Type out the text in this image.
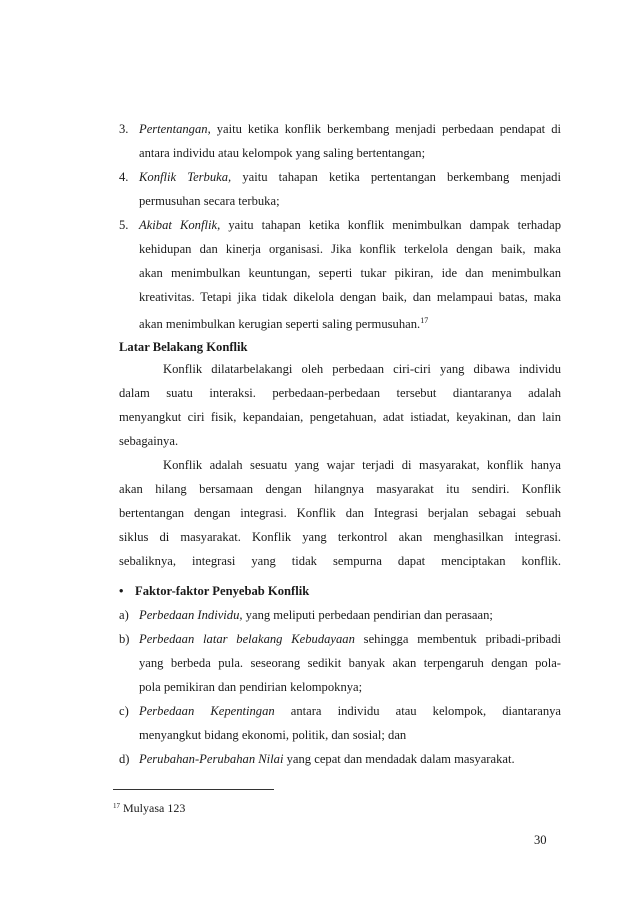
3. Pertentangan, yaitu ketika konflik berkembang menjadi perbedaan pendapat di
antara individu atau kelompok yang saling bertentangan;
4. Konflik Terbuka, yaitu tahapan ketika pertentangan berkembang menjadi
permusuhan secara terbuka;
5. Akibat Konflik, yaitu tahapan ketika konflik menimbulkan dampak terhadap
kehidupan dan kinerja organisasi. Jika konflik terkelola dengan baik, maka
akan menimbulkan keuntungan, seperti tukar pikiran, ide dan menimbulkan
kreativitas. Tetapi jika tidak dikelola dengan baik, dan melampaui batas, maka
akan menimbulkan kerugian seperti saling permusuhan.$^{17}$
Latar Belakang Konflik
Konflik dilatarbelakangi oleh perbedaan ciri-ciri yang dibawa individu
dalam suatu interaksi. perbedaan-perbedaan tersebut diantaranya adalah
menyangkut ciri fisik, kepandaian, pengetahuan, adat istiadat, keyakinan, dan lain
sebagainya.
Konflik adalah sesuatu yang wajar terjadi di masyarakat, konflik hanya
akan hilang bersamaan dengan hilangnya masyarakat itu sendiri. Konflik
bertentangan dengan integrasi. Konflik dan Integrasi berjalan sebagai sebuah
siklus di masyarakat. Konflik yang terkontrol akan menghasilkan integrasi.
sebaliknya, integrasi yang tidak sempurna dapat menciptakan konflik.
• Faktor-faktor Penyebab Konflik
a) Perbedaan Individu, yang meliputi perbedaan pendirian dan perasaan;
b) Perbedaan latar belakang Kebudayaan sehingga membentuk pribadi-pribadi
yang berbeda pula. seseorang sedikit banyak akan terpengaruh dengan pola-
pola pemikiran dan pendirian kelompoknya;
c) Perbedaan Kepentingan antara individu atau kelompok, diantaranya
menyangkut bidang ekonomi, politik, dan sosial; dan
d) Perubahan-Perubahan Nilai yang cepat dan mendadak dalam masyarakat.
$^{17}$ Mulyasa 123
30
